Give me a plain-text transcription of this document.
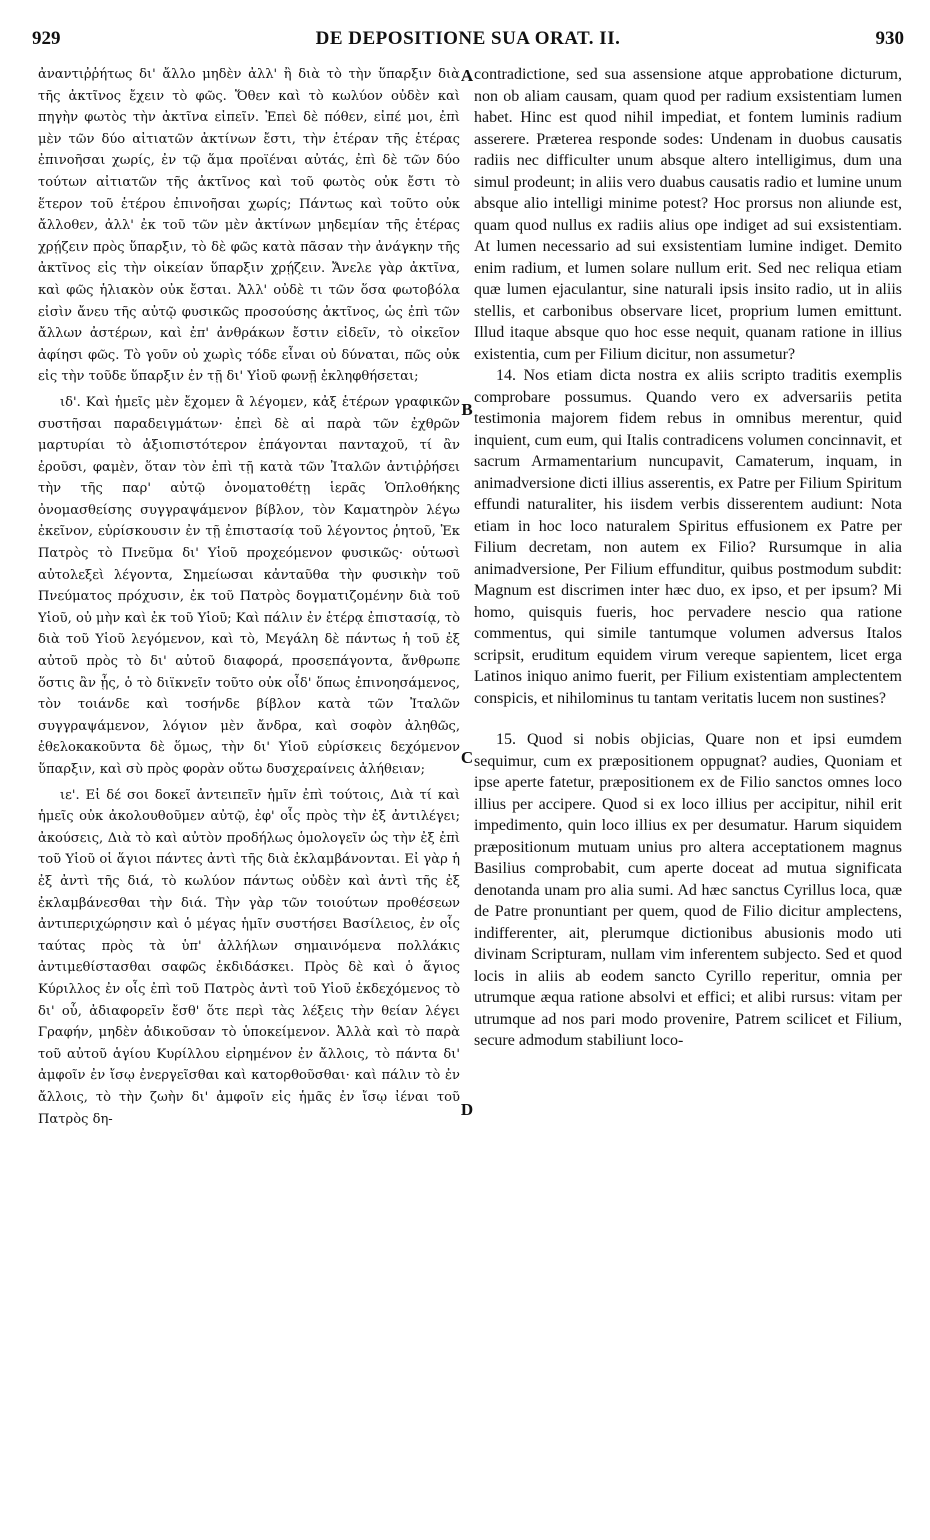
929	DE DEPOSITIONE SUA ORAT. II.	930

ἀναντιῤῥήτως δι' ἄλλο μηδὲν ἀλλ' ἢ διὰ τὸ τὴν ὕπαρξιν διὰ τῆς ἀκτῖνος ἔχειν τὸ φῶς. Ὅθεν καὶ τὸ κωλύον οὐδὲν καὶ πηγὴν φωτὸς τὴν ἀκτῖνα εἰπεῖν. Ἐπεὶ δὲ πόθεν, εἰπέ μοι, ἐπὶ μὲν τῶν δύο αἰτιατῶν ἀκτίνων ἔστι, τὴν ἑτέραν τῆς ἑτέρας ἐπινοῆσαι χωρίς, ἐν τῷ ἅμα προϊέναι αὐτάς, ἐπὶ δὲ τῶν δύο τούτων αἰτιατῶν τῆς ἀκτῖνος καὶ τοῦ φωτὸς οὐκ ἔστι τὸ ἕτερον τοῦ ἑτέρου ἐπινοῆσαι χωρίς; Πάντως καὶ τοῦτο οὐκ ἄλλοθεν, ἀλλ' ἐκ τοῦ τῶν μὲν ἀκτίνων μηδεμίαν τῆς ἑτέρας χρῄζειν πρὸς ὕπαρξιν, τὸ δὲ φῶς κατὰ πᾶσαν τὴν ἀνάγκην τῆς ἀκτῖνος εἰς τὴν οἰκείαν ὕπαρξιν χρῄζειν. Ἄνελε γὰρ ἀκτῖνα, καὶ φῶς ἡλιακὸν οὐκ ἔσται. Ἀλλ' οὐδὲ τι τῶν ὅσα φωτοβόλα εἰσὶν ἄνευ τῆς αὐτῷ φυσικῶς προσούσης ἀκτῖνος, ὡς ἐπὶ τῶν ἄλλων ἀστέρων, καὶ ἐπ' ἀνθράκων ἔστιν εἰδεῖν, τὸ οἰκεῖον ἀφίησι φῶς. Τὸ γοῦν οὐ χωρὶς τόδε εἶναι οὐ δύναται, πῶς οὐκ εἰς τὴν τοῦδε ὕπαρξιν ἐν τῇ δι' Υἱοῦ φωνῇ ἐκληφθήσεται;

ιδ'. Καὶ ἡμεῖς μὲν ἔχομεν ἃ λέγομεν, κἀξ ἑτέρων γραφικῶν συστῆσαι παραδειγμάτων· ἐπεὶ δὲ αἱ παρὰ τῶν ἐχθρῶν μαρτυρίαι τὸ ἀξιοπιστότερον ἐπάγονται πανταχοῦ, τί ἂν ἐροῦσι, φαμὲν, ὅταν τὸν ἐπὶ τῇ κατὰ τῶν Ἰταλῶν ἀντιῤῥήσει τὴν τῆς παρ' αὐτῷ ὀνοματοθέτῃ ἱερᾶς Ὁπλοθήκης ὀνομασθείσης συγγραψάμενον βίβλον, τὸν Καματηρὸν λέγω ἐκεῖνον, εὑρίσκουσιν ἐν τῇ ἐπιστασίᾳ τοῦ λέγοντος ῥητοῦ, Ἐκ Πατρὸς τὸ Πνεῦμα δι' Υἱοῦ προχεόμενον φυσικῶς· οὑτωσὶ αὐτολεξεὶ λέγοντα, Σημείωσαι κἀνταῦθα τὴν φυσικὴν τοῦ Πνεύματος πρόχυσιν, ἐκ τοῦ Πατρὸς δογματιζομένην διὰ τοῦ Υἱοῦ, οὐ μὴν καὶ ἐκ τοῦ Υἱοῦ; Καὶ πάλιν ἐν ἑτέρᾳ ἐπιστασίᾳ, τὸ διὰ τοῦ Υἱοῦ λεγόμενον, καὶ τὸ, Μεγάλη δὲ πάντως ἡ τοῦ ἐξ αὐτοῦ πρὸς τὸ δι' αὐτοῦ διαφορά, προσεπάγοντα, ἄνθρωπε ὅστις ἂν ᾖς, ὁ τὸ διϊκνεῖν τοῦτο οὐκ οἶδ' ὅπως ἐπινοησάμενος, τὸν τοιάνδε καὶ τοσήνδε βίβλον κατὰ τῶν Ἰταλῶν συγγραψάμενον, λόγιον μὲν ἄνδρα, καὶ σοφὸν ἀληθῶς, ἐθελοκακοῦντα δὲ ὅμως, τὴν δι' Υἱοῦ εὑρίσκεις δεχόμενον ὕπαρξιν, καὶ σὺ πρὸς φορὰν οὕτω δυσχεραίνεις ἀλήθειαν;

ιε'. Εἰ δέ σοι δοκεῖ ἀντειπεῖν ἡμῖν ἐπὶ τούτοις, Διὰ τί καὶ ἡμεῖς οὐκ ἀκολουθοῦμεν αὐτῷ, ἐφ' οἷς πρὸς τὴν ἐξ ἀντιλέγει; ἀκούσεις, Διὰ τὸ καὶ αὐτὸν προδήλως ὁμολογεῖν ὡς τὴν ἐξ ἐπὶ τοῦ Υἱοῦ οἱ ἅγιοι πάντες ἀντὶ τῆς διὰ ἐκλαμβάνονται. Εἰ γὰρ ἡ ἐξ ἀντὶ τῆς διά, τὸ κωλύον πάντως οὐδὲν καὶ ἀντὶ τῆς ἐξ ἐκλαμβάνεσθαι τὴν διά. Τὴν γὰρ τῶν τοιούτων προθέσεων ἀντιπεριχώρησιν καὶ ὁ μέγας ἡμῖν συστήσει Βασίλειος, ἐν οἷς ταύτας πρὸς τὰ ὑπ' ἀλλήλων σημαινόμενα πολλάκις ἀντιμεθίστασθαι σαφῶς ἐκδιδάσκει. Πρὸς δὲ καὶ ὁ ἅγιος Κύριλλος ἐν οἷς ἐπὶ τοῦ Πατρὸς ἀντὶ τοῦ Υἱοῦ ἐκδεχόμενος τὸ δι' οὗ, ἀδιαφορεῖν ἔσθ' ὅτε περὶ τὰς λέξεις τὴν θείαν λέγει Γραφήν, μηδὲν ἀδικοῦσαν τὸ ὑποκείμενον. Ἀλλὰ καὶ τὸ παρὰ τοῦ αὐτοῦ ἁγίου Κυρίλλου εἰρημένον ἐν ἄλλοις, τὸ πάντα δι' ἀμφοῖν ἐν ἴσῳ ἐνεργεῖσθαι καὶ κατορθοῦσθαι· καὶ πάλιν τὸ ἐν ἄλλοις, τὸ τὴν ζωὴν δι' ἀμφοῖν εἰς ἡμᾶς ἐν ἴσῳ ἰέναι τοῦ Πατρὸς δη-

A
B
C
D

contradictione, sed sua assensione atque approbatione dicturum, non ob aliam causam, quam quod per radium exsistentiam lumen habet. Hinc est quod nihil impediat, et fontem luminis radium asserere. Præterea responde sodes: Undenam in duobus causatis radiis nec difficulter unum absque altero intelligimus, dum una simul prodeunt; in aliis vero duabus causatis radio et lumine unum absque alio intelligi minime potest? Hoc prorsus non aliunde est, quam quod nullus ex radiis alius ope indiget ad sui exsistentiam. At lumen necessario ad sui exsistentiam lumine indiget. Demito enim radium, et lumen solare nullum erit. Sed nec reliqua etiam quæ lumen ejaculantur, sine naturali ipsis insito radio, ut in aliis stellis, et carbonibus observare licet, proprium lumen emittunt. Illud itaque absque quo hoc esse nequit, quanam ratione in illius existentia, cum per Filium dicitur, non assumetur?

14. Nos etiam dicta nostra ex aliis scripto traditis exemplis comprobare possumus. Quando vero ex adversariis petita testimonia majorem fidem rebus in omnibus merentur, quid inquient, cum eum, qui Italis contradicens volumen concinnavit, et sacrum Armamentarium nuncupavit, Camaterum, inquam, in animadversione dicti illius asserentis, ex Patre per Filium Spiritum effundi naturaliter, his iisdem verbis disserentem audiunt: Nota etiam in hoc loco naturalem Spiritus effusionem ex Patre per Filium decretam, non autem ex Filio? Rursumque in alia animadversione, Per Filium effunditur, quibus postmodum subdit: Magnum est discrimen inter hæc duo, ex ipso, et per ipsum? Mi homo, quisquis fueris, hoc pervadere nescio qua ratione commentus, qui simile tantumque volumen adversus Italos scripsit, eruditum equidem virum vereque sapientem, licet erga Latinos iniquo animo fuerit, per Filium existentiam amplectentem conspicis, et nihilominus tu tantam veritatis lucem non sustines?

15. Quod si nobis objicias, Quare non et ipsi eumdem sequimur, cum ex præpositionem oppugnat? audies, Quoniam et ipse aperte fatetur, præpositionem ex de Filio sanctos omnes loco illius per accipere. Quod si ex loco illius per accipitur, nihil erit impedimento, quin loco illius ex per desumatur. Harum siquidem præpositionum mutuam unius pro altera acceptationem magnus Basilius comprobabit, cum aperte doceat ad mutua significata denotanda unam pro alia sumi. Ad hæc sanctus Cyrillus loca, quæ de Patre pronuntiant per quem, quod de Filio dicitur amplectens, indifferenter, ait, plerumque dictionibus abusionis modo uti divinam Scripturam, nullam vim inferentem subjecto. Sed et quod locis in aliis ab eodem sancto Cyrillo reperitur, omnia per utrumque æqua ratione absolvi et effici; et alibi rursus: vitam per utrumque ad nos pari modo provenire, Patrem scilicet et Filium, secure admodum stabiliunt loco-
